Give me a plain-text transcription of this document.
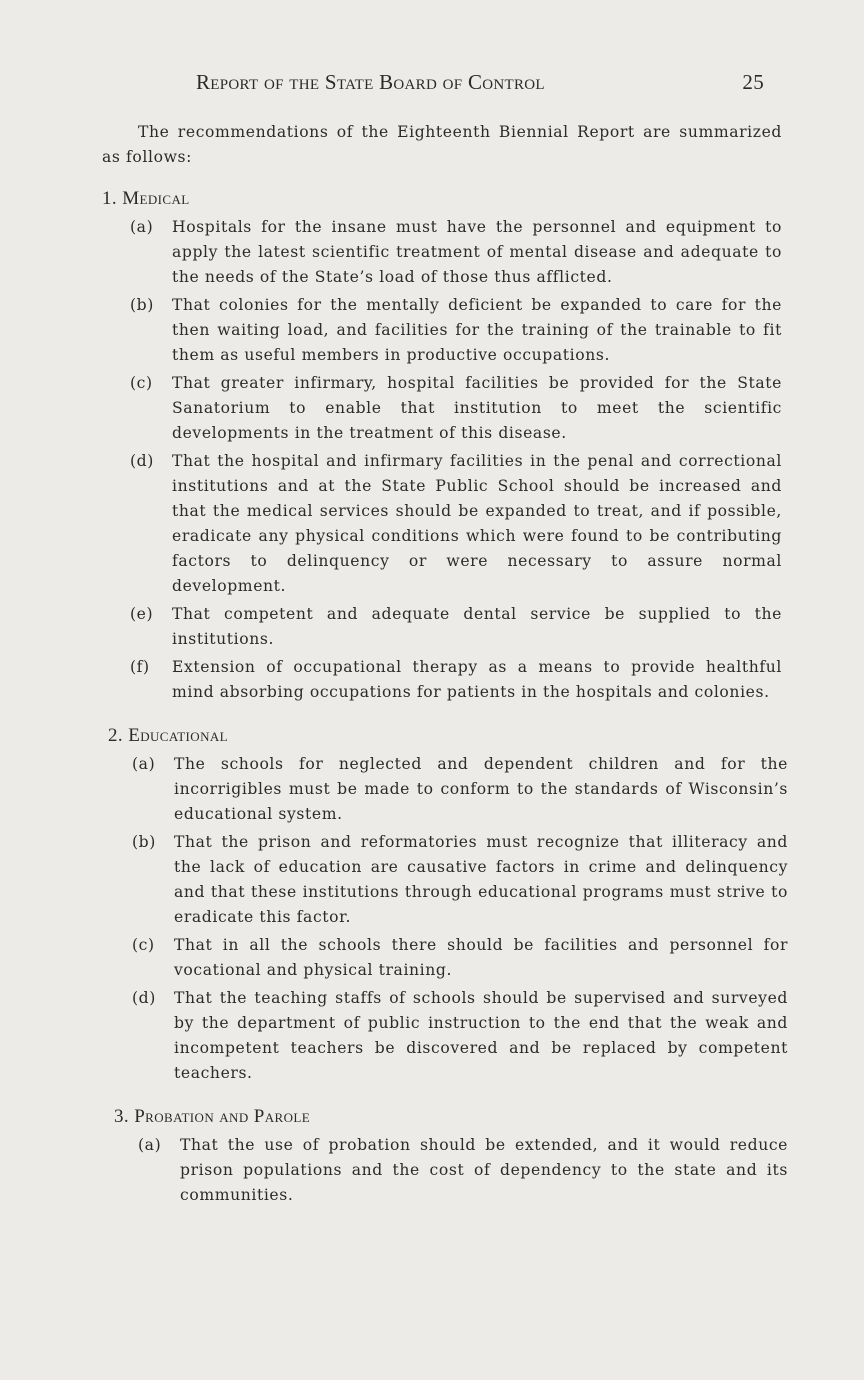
Report of the State Board of Control	25

The recommendations of the Eighteenth Biennial Report are summarized as follows:

1. Medical

(a)	Hospitals for the insane must have the personnel and equipment to apply the latest scientific treatment of mental disease and adequate to the needs of the State’s load of those thus afflicted.
(b)	That colonies for the mentally deficient be expanded to care for the then waiting load, and facilities for the training of the trainable to fit them as useful members in productive occupations.
(c)	That greater infirmary, hospital facilities be provided for the State Sanatorium to enable that institution to meet the scientific developments in the treatment of this disease.
(d)	That the hospital and infirmary facilities in the penal and correctional institutions and at the State Public School should be increased and that the medical services should be expanded to treat, and if possible, eradicate any physical conditions which were found to be contributing factors to delinquency or were necessary to assure normal development.
(e)	That competent and adequate dental service be supplied to the institutions.
(f)	Extension of occupational therapy as a means to provide healthful mind absorbing occupations for patients in the hospitals and colonies.

2. Educational

(a)	The schools for neglected and dependent children and for the incorrigibles must be made to conform to the standards of Wisconsin’s educational system.
(b)	That the prison and reformatories must recognize that illiteracy and the lack of education are causative factors in crime and delinquency and that these institutions through educational programs must strive to eradicate this factor.
(c)	That in all the schools there should be facilities and personnel for vocational and physical training.
(d)	That the teaching staffs of schools should be supervised and surveyed by the department of public instruction to the end that the weak and incompetent teachers be discovered and be replaced by competent teachers.

3. Probation and Parole

(a)	That the use of probation should be extended, and it would reduce prison populations and the cost of dependency to the state and its communities.
